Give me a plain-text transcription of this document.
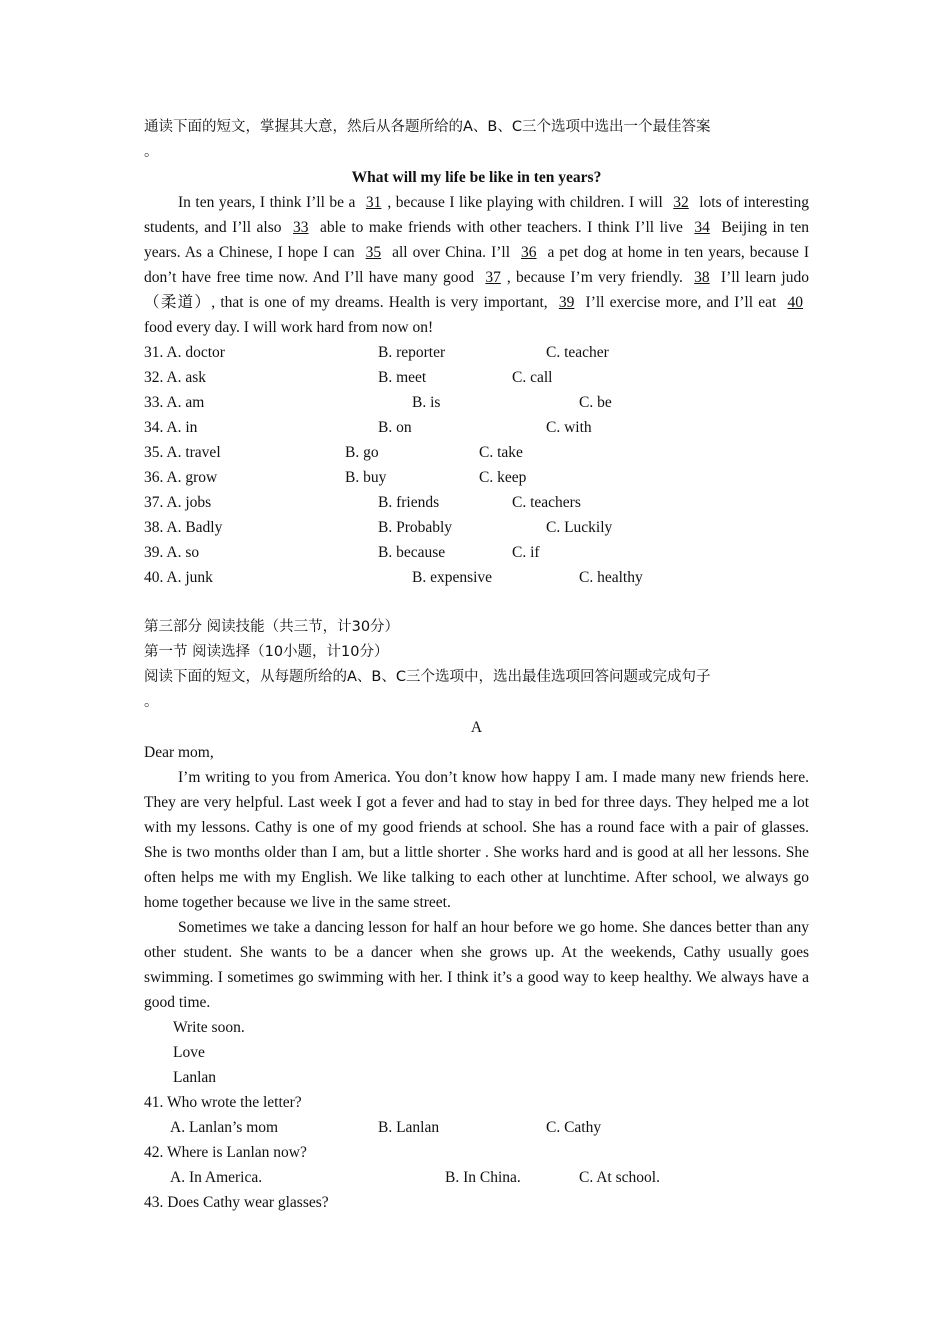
通读下面的短文，掌握其大意，然后从各题所给的A、B、C三个选项中选出一个最佳答案
。
What will my life be like in ten years?
In ten years, I think I’ll be a 31 , because I like playing with children. I will 32 lots of interesting students, and I’ll also 33 able to make friends with other teachers. I think I’ll live 34 Beijing in ten years. As a Chinese, I hope I can 35 all over China. I’ll 36 a pet dog at home in ten years, because I don’t have free time now. And I’ll have many good 37 , because I’m very friendly. 38 I’ll learn judo（柔道）, that is one of my dreams. Health is very important, 39 I’ll exercise more, and I’ll eat 40 food every day. I will work hard from now on!
31. A. doctor	B. reporter	C. teacher
32. A. ask	B. meet	C. call
33. A. am	B. is	C. be
34. A. in	B. on	C. with
35. A. travel	B. go	C. take
36. A. grow	B. buy	C. keep
37. A. jobs	B. friends	C. teachers
38. A. Badly	B. Probably	C. Luckily
39. A. so	B. because	C. if
40. A. junk	B. expensive	C. healthy
第三部分 阅读技能（共三节，计30分）
第一节 阅读选择（10小题，计10分）
阅读下面的短文，从每题所给的A、B、C三个选项中，选出最佳选项回答问题或完成句子
。
A
Dear mom,
I’m writing to you from America. You don’t know how happy I am. I made many new friends here. They are very helpful. Last week I got a fever and had to stay in bed for three days. They helped me a lot with my lessons. Cathy is one of my good friends at school. She has a round face with a pair of glasses. She is two months older than I am, but a little shorter . She works hard and is good at all her lessons. She often helps me with my English. We like talking to each other at lunchtime. After school, we always go home together because we live in the same street.
Sometimes we take a dancing lesson for half an hour before we go home. She dances better than any other student. She wants to be a dancer when she grows up. At the weekends, Cathy usually goes swimming. I sometimes go swimming with her. I think it’s a good way to keep healthy. We always have a good time.
Write soon.
Love
Lanlan
41. Who wrote the letter?
A. Lanlan’s mom	B. Lanlan	C. Cathy
42. Where is Lanlan now?
A. In America.	B. In China.	C. At school.
43. Does Cathy wear glasses?
